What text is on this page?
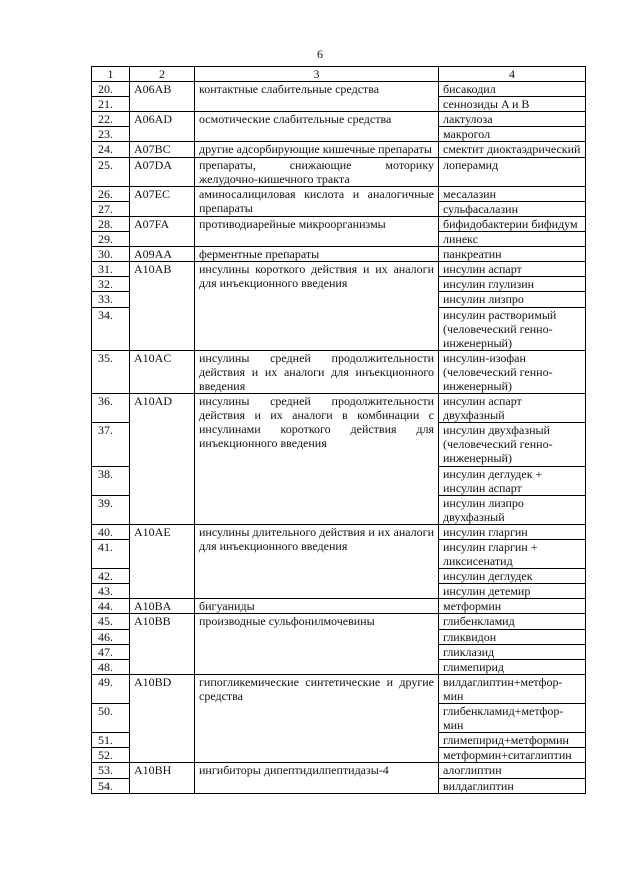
6
1	2	3	4
20.	A06AB	контактные слабительные средства	бисакодил
21.			сеннозиды A и B
22.	A06AD	осмотические слабительные средства	лактулоза
23.			макрогол
24.	A07BC	другие адсорбирующие кишечные препараты	смектит диоктаэдрический
25.	A07DA	препараты, снижающие моторику желудочно-кишечного тракта	лоперамид
26.	A07EC	аминосалициловая кислота и аналогичные препараты	месалазин
27.			сульфасалазин
28.	A07FA	противодиарейные микроорганизмы	бифидобактерии бифидум
29.			линекс
30.	A09AA	ферментные препараты	панкреатин
31.	A10AB	инсулины короткого действия и их аналоги для инъекционного введения	инсулин аспарт
32.			инсулин глулизин
33.			инсулин лизпро
34.			инсулин растворимый (человеческий генно-инженерный)
35.	A10AC	инсулины средней продолжительности действия и их аналоги для инъекционного введения	инсулин-изофан (человеческий генно-инженерный)
36.	A10AD	инсулины средней продолжительности действия и их аналоги в комбинации с инсулинами короткого действия для инъекционного введения	инсулин аспарт двухфазный
37.			инсулин двухфазный (человеческий генно-инженерный)
38.			инсулин деглудек + инсулин аспарт
39.			инсулин лизпро двухфазный
40.	A10AE	инсулины длительного действия и их аналоги для инъекционного введения	инсулин гларгин
41.			инсулин гларгин + ликсисенатид
42.			инсулин деглудек
43.			инсулин детемир
44.	A10BA	бигуаниды	метформин
45.	A10BB	производные сульфонилмочевины	глибенкламид
46.			гликвидон
47.			гликлазид
48.			глимепирид
49.	A10BD	гипогликемические синтетические и другие средства	вилдаглиптин+метфор-мин
50.			глибенкламид+метфор-мин
51.			глимепирид+метформин
52.			метформин+ситаглиптин
53.	A10BH	ингибиторы дипептидилпептидазы-4	алоглиптин
54.			вилдаглиптин
